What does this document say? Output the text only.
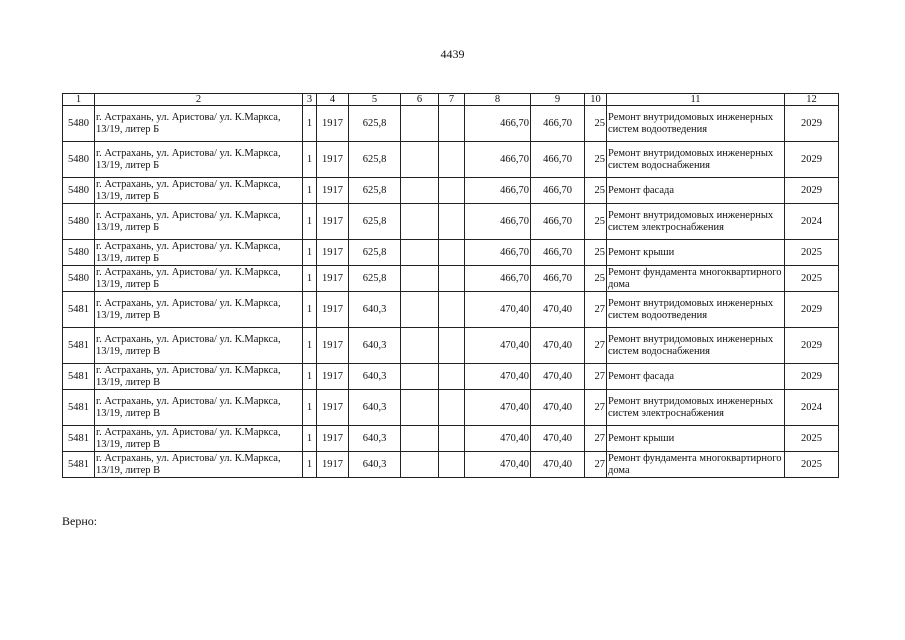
4439
1	2	3	4	5	6	7	8	9	10	11	12
5480	г. Астрахань, ул. Аристова/ ул. К.Маркса, 13/19, литер Б	1	1917	625,8			466,70	466,70	25	Ремонт внутридомовых инженерных систем водоотведения	2029
5480	г. Астрахань, ул. Аристова/ ул. К.Маркса, 13/19, литер Б	1	1917	625,8			466,70	466,70	25	Ремонт внутридомовых инженерных систем водоснабжения	2029
5480	г. Астрахань, ул. Аристова/ ул. К.Маркса, 13/19, литер Б	1	1917	625,8			466,70	466,70	25	Ремонт фасада	2029
5480	г. Астрахань, ул. Аристова/ ул. К.Маркса, 13/19, литер Б	1	1917	625,8			466,70	466,70	25	Ремонт внутридомовых инженерных систем электроснабжения	2024
5480	г. Астрахань, ул. Аристова/ ул. К.Маркса, 13/19, литер Б	1	1917	625,8			466,70	466,70	25	Ремонт крыши	2025
5480	г. Астрахань, ул. Аристова/ ул. К.Маркса, 13/19, литер Б	1	1917	625,8			466,70	466,70	25	Ремонт фундамента многоквартирного дома	2025
5481	г. Астрахань, ул. Аристова/ ул. К.Маркса, 13/19, литер В	1	1917	640,3			470,40	470,40	27	Ремонт внутридомовых инженерных систем водоотведения	2029
5481	г. Астрахань, ул. Аристова/ ул. К.Маркса, 13/19, литер В	1	1917	640,3			470,40	470,40	27	Ремонт внутридомовых инженерных систем водоснабжения	2029
5481	г. Астрахань, ул. Аристова/ ул. К.Маркса, 13/19, литер В	1	1917	640,3			470,40	470,40	27	Ремонт фасада	2029
5481	г. Астрахань, ул. Аристова/ ул. К.Маркса, 13/19, литер В	1	1917	640,3			470,40	470,40	27	Ремонт внутридомовых инженерных систем электроснабжения	2024
5481	г. Астрахань, ул. Аристова/ ул. К.Маркса, 13/19, литер В	1	1917	640,3			470,40	470,40	27	Ремонт крыши	2025
5481	г. Астрахань, ул. Аристова/ ул. К.Маркса, 13/19, литер В	1	1917	640,3			470,40	470,40	27	Ремонт фундамента многоквартирного дома	2025
Верно:
